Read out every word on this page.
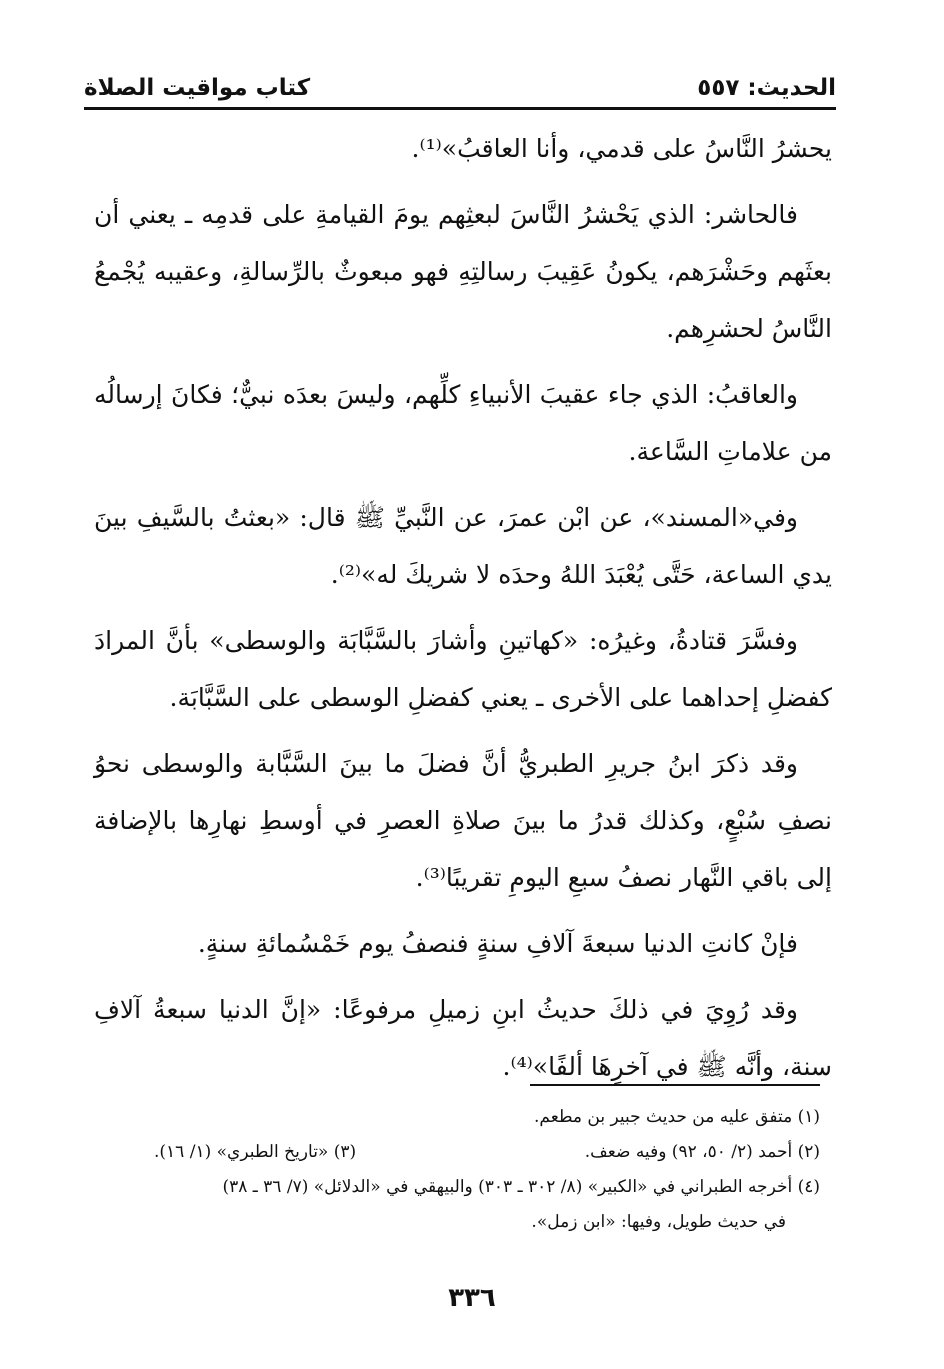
الحديث: ٥٥٧
كتاب مواقيت الصلاة

يحشرُ النَّاسُ على قدمي، وأنا العاقبُ»⁽¹⁾.

فالحاشر: الذي يَحْشرُ النَّاسَ لبعثِهم يومَ القيامةِ على قدمِه ـ يعني أن بعثَهم وحَشْرَهم، يكونُ عَقِيبَ رسالتِهِ فهو مبعوثٌ بالرِّسالةِ، وعقيبه يُجْمعُ النَّاسُ لحشرِهم.

والعاقبُ: الذي جاء عقيبَ الأنبياءِ كلِّهم، وليسَ بعدَه نبيٌّ؛ فكانَ إرسالُه من علاماتِ السَّاعة.

وفي«المسند»، عن ابْن عمرَ، عن النَّبيِّ ﷺ قال: «بعثتُ بالسَّيفِ بينَ يدي الساعة، حَتَّى يُعْبَدَ اللهُ وحدَه لا شريكَ له»⁽²⁾.

وفسَّرَ قتادةُ، وغيرُه: «كهاتينِ وأشارَ بالسَّبَّابَة والوسطى» بأنَّ المرادَ كفضلِ إحداهما على الأخرى ـ يعني كفضلِ الوسطى على السَّبَّابَة.

وقد ذكرَ ابنُ جريرِ الطبريُّ أنَّ فضلَ ما بينَ السَّبَّابة والوسطى نحوُ نصفِ سُبْعٍ، وكذلك قدرُ ما بينَ صلاةِ العصرِ في أوسطِ نهارِها بالإضافة إلى باقي النَّهار نصفُ سبعِ اليومِ تقريبًا⁽³⁾.

فإنْ كانتِ الدنيا سبعةَ آلافِ سنةٍ فنصفُ يوم خَمْسُمائةِ سنةٍ.

وقد رُوِيَ في ذلكَ حديثُ ابنِ زميلِ مرفوعًا: «إنَّ الدنيا سبعةُ آلافِ سنة، وأنَّه ﷺ في آخرِهَا ألفًا»⁽⁴⁾.

(١) متفق عليه من حديث جبير بن مطعم.

(٢) أحمد (٢/ ٥٠، ٩٢) وفيه ضعف.
(٣) «تاريخ الطبري» (١/ ١٦).

(٤) أخرجه الطبراني في «الكبير» (٨/ ٣٠٢ ـ ٣٠٣) والبيهقي في «الدلائل» (٧/ ٣٦ ـ ٣٨)

في حديث طويل، وفيها: «ابن زمل».

٣٣٦
